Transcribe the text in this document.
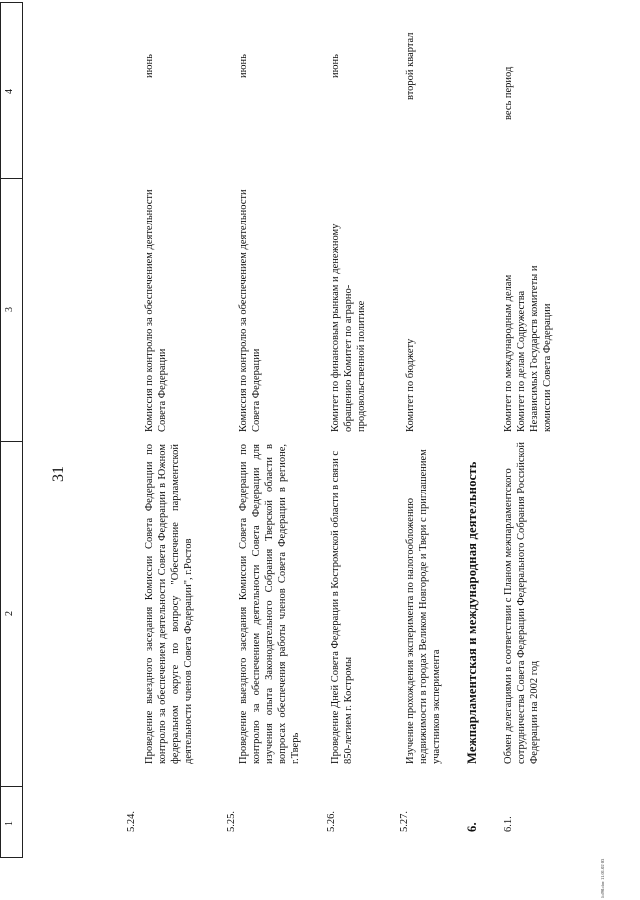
1
2
3
4
31
5.24.
Проведение выездного заседания Комиссии Совета Федерации по контролю за обеспечением деятельности Совета Федерации в Южном федеральном округе по вопросу "Обеспечение парламентской деятельности членов Совета Федерации", г.Ростов
Комиссия по контролю за обеспечением деятельности Совета Федерации
июнь
5.25.
Проведение выездного заседания Комиссии Совета Федерации по контролю за обеспечением деятельности Совета Федерации для изучения опыта Законодательного Собрания Тверской области в вопросах обеспечения работы членов Совета Федерации в регионе, г.Тверь
Комиссия по контролю за обеспечением деятельности Совета Федерации
июнь
5.26.
Проведение Дней Совета Федерации в Костромской области в связи с 850-летием г. Костромы
Комитет по финансовым рынкам и денежному обращению Комитет по аграрно-продовольственной политике
июнь
5.27.
Изучение прохождения эксперимента по налогообложению недвижимости в городах Великом Новгороде и Твери с приглашением участников эксперимента
Комитет по бюджету
второй квартал
6.
Межпарламентская и международная деятельность
6.1.
Обмен делегациями в соответствии с Планом межпарламентского сотрудничества Совета Федерации Федерального Собрания Российской Федерации на 2002 год
Комитет по международным делам Комитет по делам Содружества Независимых Государств комитеты и комиссии Совета Федерации
весь период
lid90.doc 11.01.02 03
